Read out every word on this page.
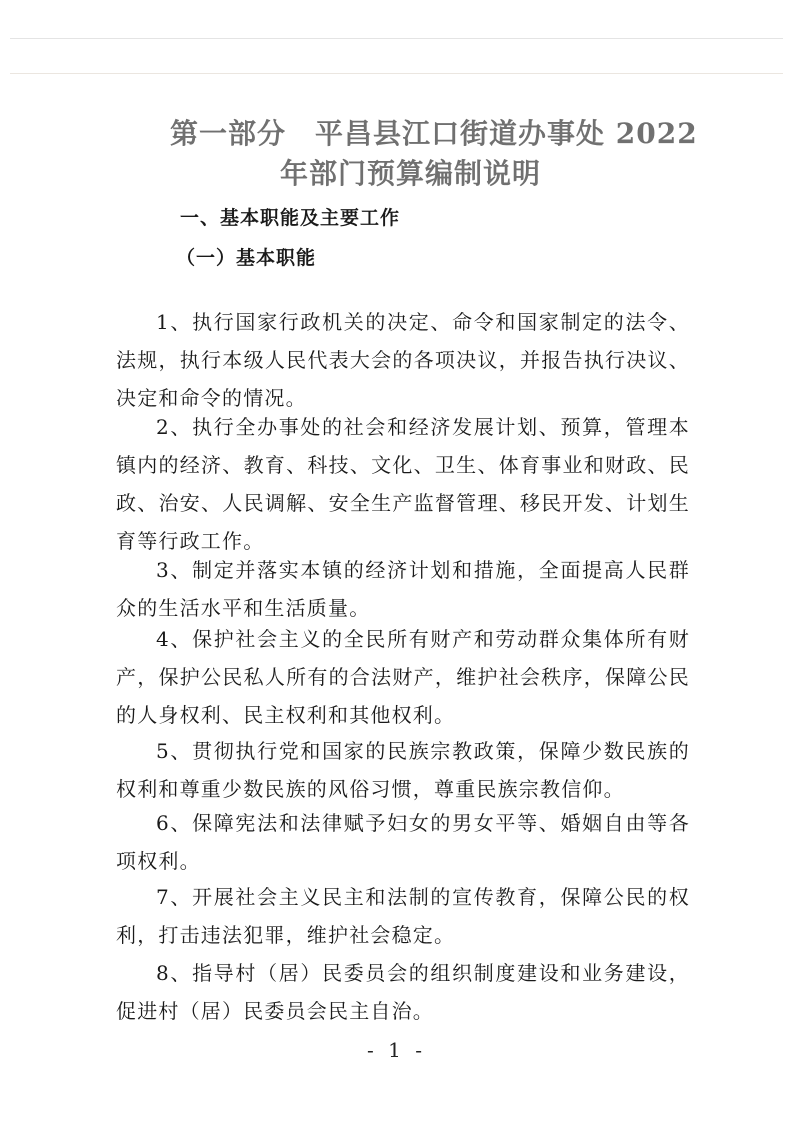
第一部分　平昌县江口街道办事处 2022
年部门预算编制说明
一、基本职能及主要工作
（一）基本职能

1、执行国家行政机关的决定、命令和国家制定的法令、法规，执行本级人民代表大会的各项决议，并报告执行决议、决定和命令的情况。

2、执行全办事处的社会和经济发展计划、预算，管理本镇内的经济、教育、科技、文化、卫生、体育事业和财政、民政、治安、人民调解、安全生产监督管理、移民开发、计划生育等行政工作。

3、制定并落实本镇的经济计划和措施，全面提高人民群众的生活水平和生活质量。

4、保护社会主义的全民所有财产和劳动群众集体所有财产，保护公民私人所有的合法财产，维护社会秩序，保障公民的人身权利、民主权利和其他权利。

5、贯彻执行党和国家的民族宗教政策，保障少数民族的权利和尊重少数民族的风俗习惯，尊重民族宗教信仰。

6、保障宪法和法律赋予妇女的男女平等、婚姻自由等各项权利。

7、开展社会主义民主和法制的宣传教育，保障公民的权利，打击违法犯罪，维护社会稳定。

8、指导村（居）民委员会的组织制度建设和业务建设，促进村（居）民委员会民主自治。

- 1 -
